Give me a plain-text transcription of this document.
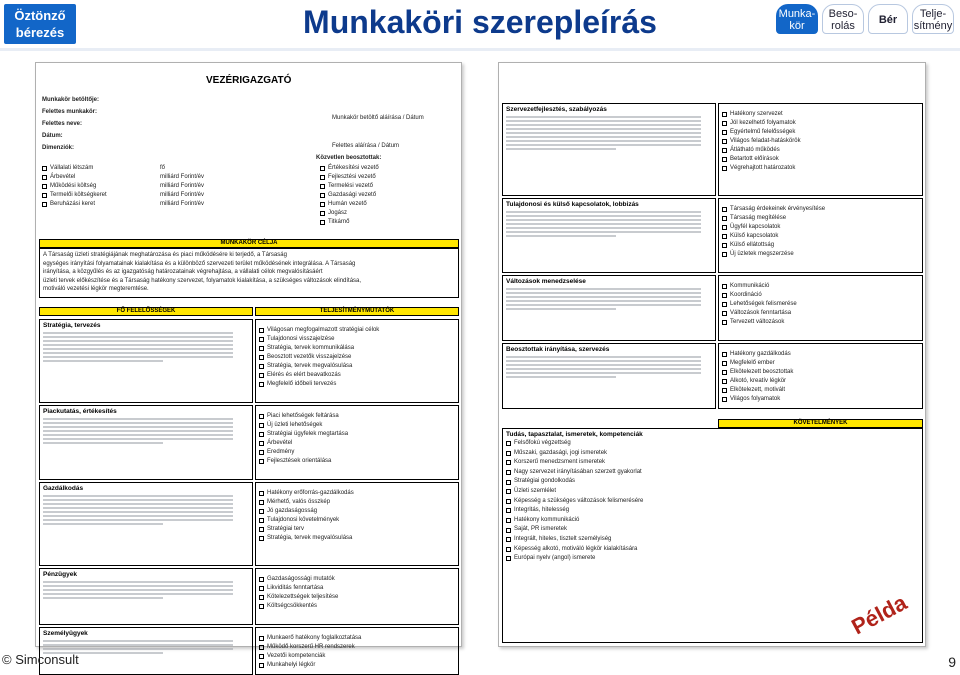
Öztönző
bérezés	Munkaköri szerepleírás	Munka-
kör
Beso-
rolás	Bér	Telje-
sítmény
VEZÉRIGAZGATÓ
Munkakör betöltője:
Felettes munkakör:
Felettes neve:
Dátum:
Dimenziók:
Munkakör betöltő aláírása / Dátum
Felettes aláírása / Dátum
Vállalati létszám	fő
Árbevétel	milliárd Forint/év
Működési költség	milliárd Forint/év
Termelői költségkeret	milliárd Forint/év
Beruházási keret	milliárd Forint/év
Közvetlen beosztottak:
Értékesítési vezető
Fejlesztési vezető
Termelési vezető
Gazdasági vezető
Humán vezető
Jogász
Titkárnő
MUNKAKÖR CÉLJA
A Társaság üzleti stratégiájának meghatározása és piaci működésére ki terjedő, a Társaság
egységes irányítási folyamatainak kialakítása és a különböző szervezeti terület működésének integrálása. A Társaság
irányítása, a közgyűlés és az igazgatóság határozatainak végrehajtása, a vállalati célok megvalósításáért
üzleti tervek előkészítése és a Társaság hatékony szervezet, folyamatok kialakítása, a szükséges változások elindítása,
motiváló vezetési légkör megteremtése.
FŐ FELELŐSSÉGEK	TELJESÍTMÉNYMUTATÓK
Stratégia, tervezés
Világosan megfogalmazott stratégiai célok
Tulajdonosi visszajelzése
Stratégia, tervek kommunikálása
Beosztott vezetők visszajelzése
Stratégia, tervek megvalósulása
Elérés és elért beavatkozás
Megfelelő időbeli tervezés
Piackutatás, értékesítés
Piaci lehetőségek feltárása
Új üzleti lehetőségek
Stratégiai ügyfelek megtartása
Árbevétel
Eredmény
Fejlesztések orientálása
Gazdálkodás
Hatékony erőforrás-gazdálkodás
Mérhető, valós összkép
Jó gazdaságosság
Tulajdonosi követelmények
Stratégiai terv
Stratégia, tervek megvalósulása
Pénzügyek
Gazdaságossági mutatók
Likviditás fenntartása
Kötelezettségek teljesítése
Költségcsökkentés
Személyügyek
Munkaerő hatékony foglalkoztatása
Működő korszerű HR rendszerek
Vezetői kompetenciák
Munkahelyi légkör
Szervezetfejlesztés, szabályozás
Hatékony szervezet
Jól kezelhető folyamatok
Egyértelmű felelősségek
Világos feladat-hatáskörök
Átlátható működés
Betartott előírások
Végrehajtott határozatok
Tulajdonosi és külső kapcsolatok, lobbizás
Társaság érdekeinek érvényesítése
Társaság megítélése
Ügyfél kapcsolatok
Külső kapcsolatok
Külső ellátottság
Új üzletek megszerzése
Változások menedzselése
Kommunikáció
Koordináció
Lehetőségek felismerése
Változások fenntartása
Tervezett változások
Beosztottak irányítása, szervezés
Hatékony gazdálkodás
Megfelelő ember
Elkötelezett beosztottak
Alkotó, kreatív légkör
Elkötelezett, motivált
Világos folyamatok
KÖVETELMÉNYEK
Tudás, tapasztalat, ismeretek, kompetenciák
Felsőfokú végzettség
Műszaki, gazdasági, jogi ismeretek
Korszerű menedzsment ismeretek
Nagy szervezet irányításában szerzett gyakorlat
Stratégiai gondolkodás
Üzleti szemlélet
Képesség a szükséges változások felismerésére
Integritás, hitelesség
Hatékony kommunikáció
Saját, PR ismeretek
Integrált, hiteles, tisztelt személyiség
Képesség alkotó, motiváló légkör kialakítására
Európai nyelv (angol) ismerete
Példa
© Simconsult	9
